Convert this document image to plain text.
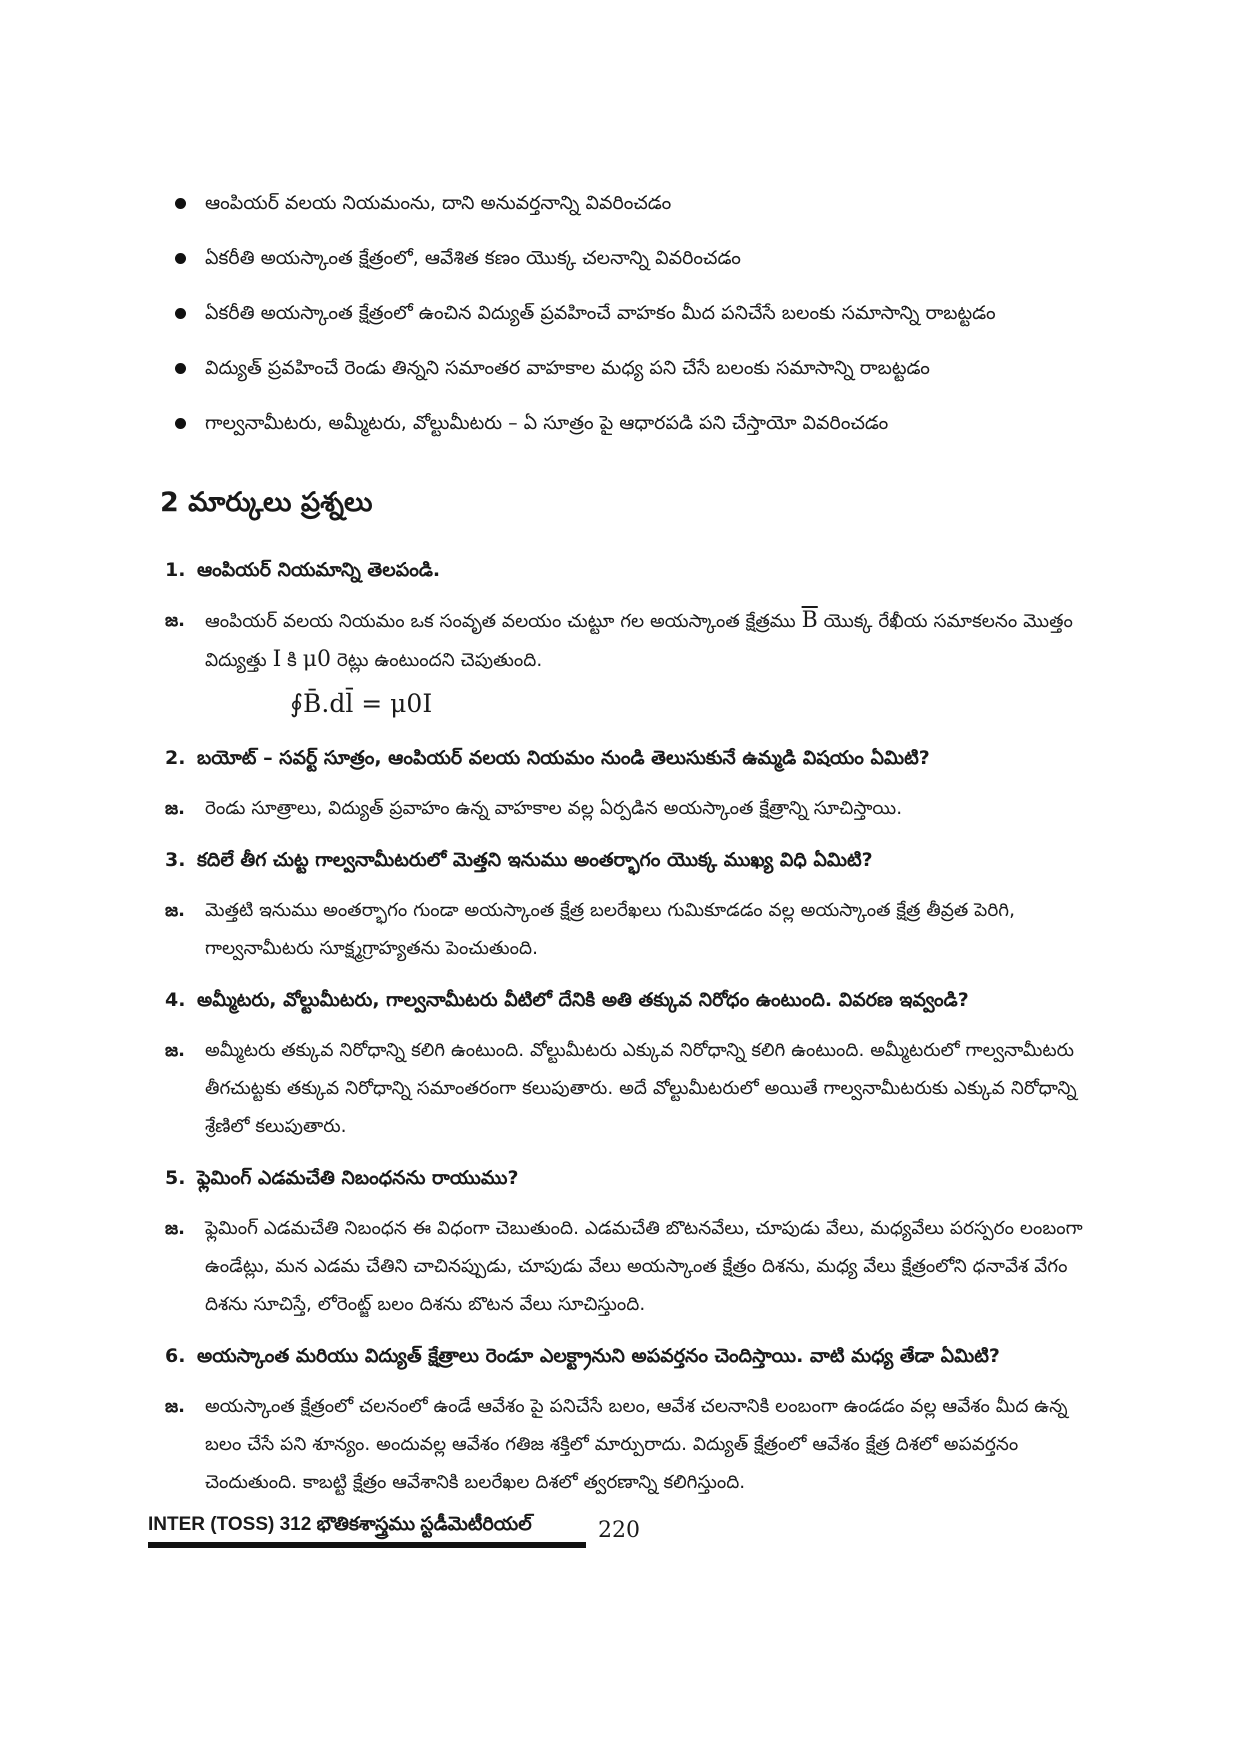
ఆంపియర్ వలయ నియమంను, దాని అనువర్తనాన్ని వివరించడం
ఏకరీతి అయస్కాంత క్షేత్రంలో, ఆవేశిత కణం యొక్క చలనాన్ని వివరించడం
ఏకరీతి అయస్కాంత క్షేత్రంలో ఉంచిన విద్యుత్ ప్రవహించే వాహకం మీద పనిచేసే బలంకు సమాసాన్ని రాబట్టడం
విద్యుత్ ప్రవహించే రెండు తిన్నని సమాంతర వాహకాల మధ్య పని చేసే బలంకు సమాసాన్ని రాబట్టడం
గాల్వనామీటరు, అమ్మీటరు, వోల్టుమీటరు – ఏ సూత్రం పై ఆధారపడి పని చేస్తాయో వివరించడం
2 మార్కులు ప్రశ్నలు
1. ఆంపియర్ నియమాన్ని తెలపండి.
జ. ఆంపియర్ వలయ నియమం ఒక సంవృత వలయం చుట్టూ గల అయస్కాంత క్షేత్రము $\overline{B}$ యొక్క రేఖీయ సమాకలనం మొత్తం విద్యుత్తు I కి μ0 రెట్లు ఉంటుందని చెపుతుంది.
∮B̄.dl̄ = μ0I
2. బయోట్ – సవర్ట్ సూత్రం, ఆంపియర్ వలయ నియమం నుండి తెలుసుకునే ఉమ్మడి విషయం ఏమిటి?
జ. రెండు సూత్రాలు, విద్యుత్ ప్రవాహం ఉన్న వాహకాల వల్ల ఏర్పడిన అయస్కాంత క్షేత్రాన్ని సూచిస్తాయి.
3. కదిలే తీగ చుట్ట గాల్వనామీటరులో మెత్తని ఇనుము అంతర్భాగం యొక్క ముఖ్య విధి ఏమిటి?
జ. మెత్తటి ఇనుము అంతర్భాగం గుండా అయస్కాంత క్షేత్ర బలరేఖలు గుమికూడడం వల్ల అయస్కాంత క్షేత్ర తీవ్రత పెరిగి, గాల్వనామీటరు సూక్ష్మగ్రాహ్యతను పెంచుతుంది.
4. అమ్మీటరు, వోల్టుమీటరు, గాల్వనామీటరు వీటిలో దేనికి అతి తక్కువ నిరోధం ఉంటుంది. వివరణ ఇవ్వండి?
జ. అమ్మీటరు తక్కువ నిరోధాన్ని కలిగి ఉంటుంది. వోల్టుమీటరు ఎక్కువ నిరోధాన్ని కలిగి ఉంటుంది. అమ్మీటరులో గాల్వనామీటరు తీగచుట్టకు తక్కువ నిరోధాన్ని సమాంతరంగా కలుపుతారు. అదే వోల్టుమీటరులో అయితే గాల్వనామీటరుకు ఎక్కువ నిరోధాన్ని శ్రేణిలో కలుపుతారు.
5. ఫ్లెమింగ్ ఎడమచేతి నిబంధనను రాయుము?
జ. ఫ్లెమింగ్ ఎడమచేతి నిబంధన ఈ విధంగా చెబుతుంది. ఎడమచేతి బొటనవేలు, చూపుడు వేలు, మధ్యవేలు పరస్పరం లంబంగా ఉండేట్లు, మన ఎడమ చేతిని చాచినప్పుడు, చూపుడు వేలు అయస్కాంత క్షేత్రం దిశను, మధ్య వేలు క్షేత్రంలోని ధనావేశ వేగం దిశను సూచిస్తే, లోరెంట్జ్ బలం దిశను బొటన వేలు సూచిస్తుంది.
6. అయస్కాంత మరియు విద్యుత్ క్షేత్రాలు రెండూ ఎలక్ట్రానుని అపవర్తనం చెందిస్తాయి. వాటి మధ్య తేడా ఏమిటి?
జ. అయస్కాంత క్షేత్రంలో చలనంలో ఉండే ఆవేశం పై పనిచేసే బలం, ఆవేశ చలనానికి లంబంగా ఉండడం వల్ల ఆవేశం మీద ఉన్న బలం చేసే పని శూన్యం. అందువల్ల ఆవేశం గతిజ శక్తిలో మార్పురాదు. విద్యుత్ క్షేత్రంలో ఆవేశం క్షేత్ర దిశలో అపవర్తనం చెందుతుంది. కాబట్టి క్షేత్రం ఆవేశానికి బలరేఖల దిశలో త్వరణాన్ని కలిగిస్తుంది.
INTER (TOSS) 312 భౌతికశాస్త్రము స్టడీమెటీరియల్	220
